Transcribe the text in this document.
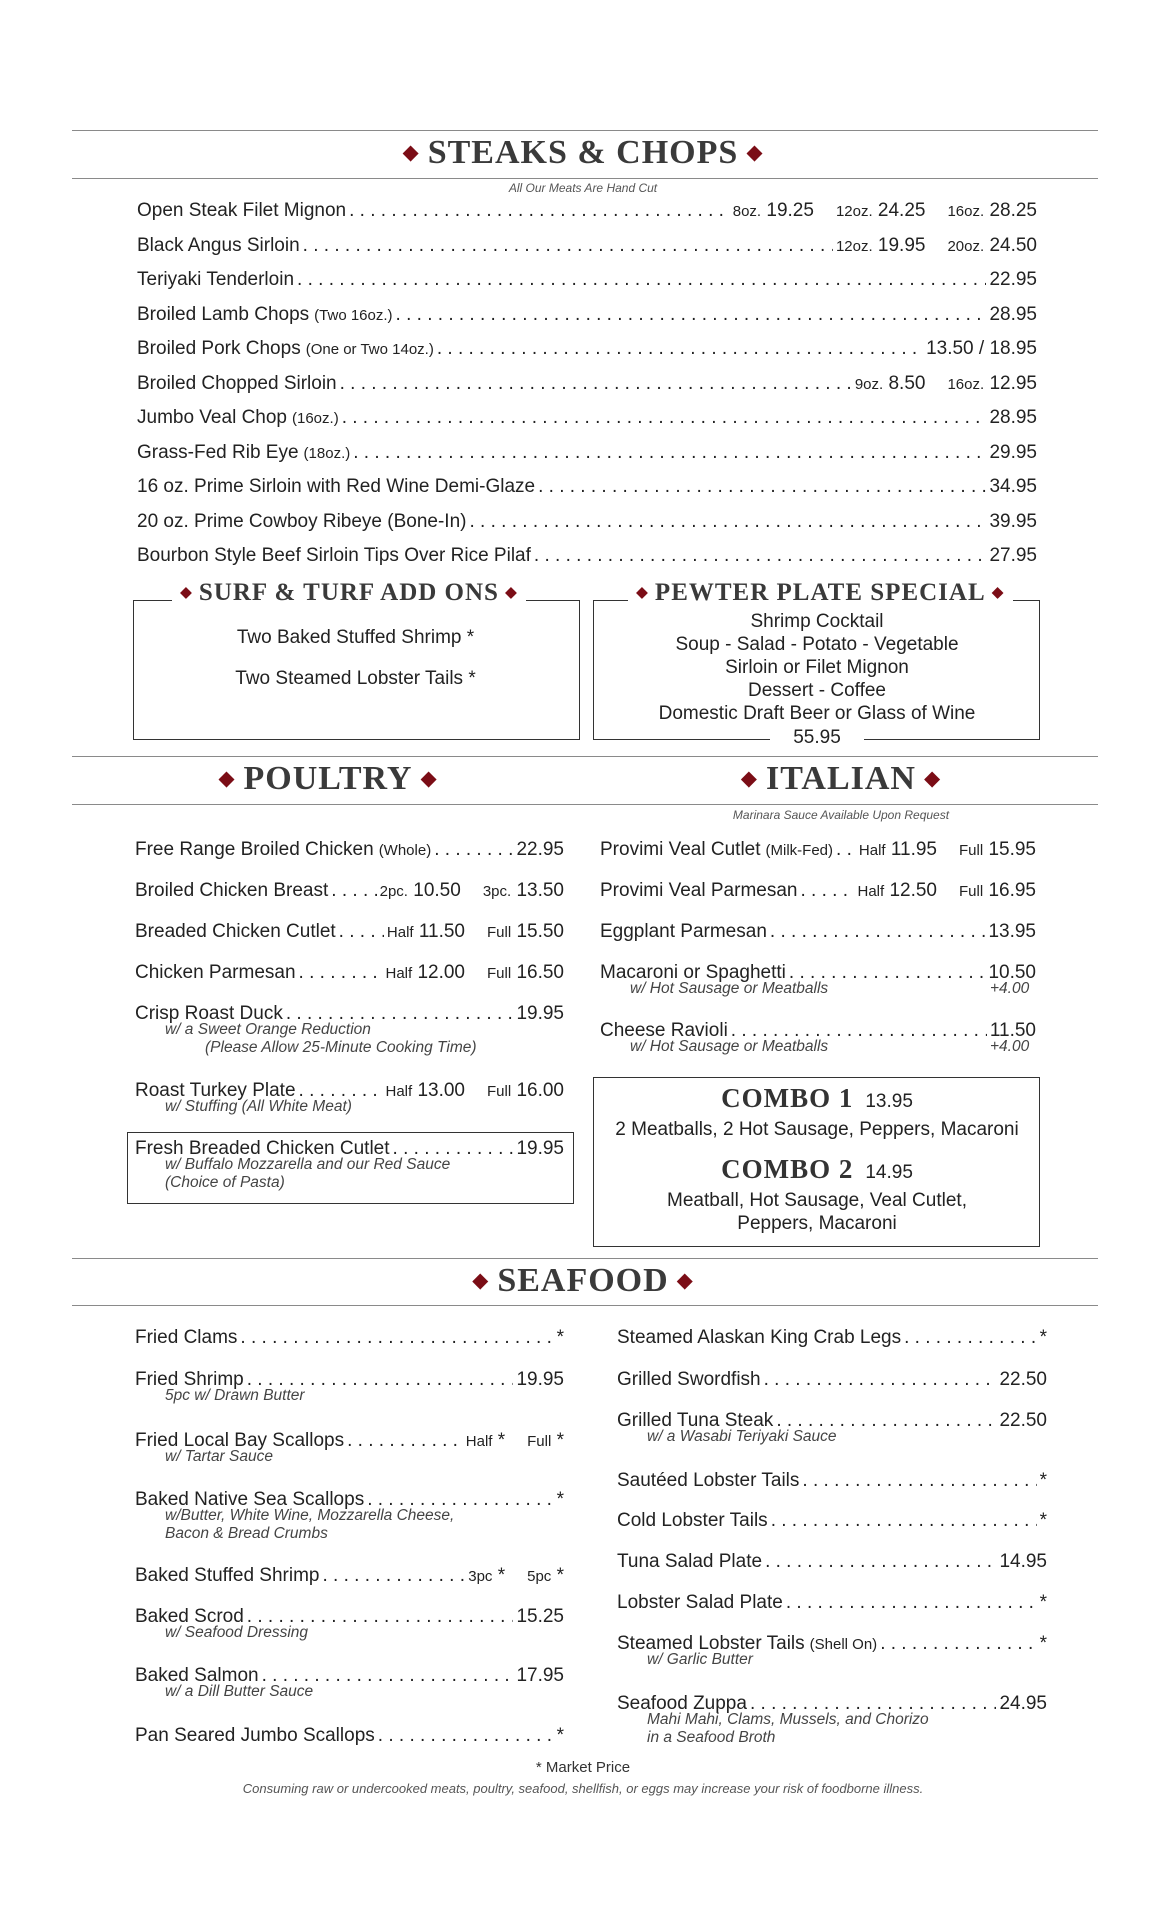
◆ STEAKS & CHOPS ◆
All Our Meats Are Hand Cut
Open Steak Filet Mignon . . .	8oz. 19.25 12oz. 24.25 16oz. 28.25
Black Angus Sirloin . . .	12oz. 19.95 20oz. 24.50
Teriyaki Tenderloin . . .	22.95
Broiled Lamb Chops (Two 16oz.) . . .	28.95
Broiled Pork Chops (One or Two 14oz.) . . .	13.50 / 18.95
Broiled Chopped Sirloin . . .	9oz. 8.50 16oz. 12.95
Jumbo Veal Chop (16oz.) . . .	28.95
Grass-Fed Rib Eye (18oz.) . . .	29.95
16 oz. Prime Sirloin with Red Wine Demi-Glaze . . .	34.95
20 oz. Prime Cowboy Ribeye (Bone-In) . . .	39.95
Bourbon Style Beef Sirloin Tips Over Rice Pilaf . . .	27.95
◆ SURF & TURF ADD ONS ◆
Two Baked Stuffed Shrimp *
Two Steamed Lobster Tails *
◆ PEWTER PLATE SPECIAL ◆
Shrimp Cocktail
Soup - Salad - Potato - Vegetable
Sirloin or Filet Mignon
Dessert - Coffee
Domestic Draft Beer or Glass of Wine
55.95
◆ POULTRY ◆	◆ ITALIAN ◆
Marinara Sauce Available Upon Request
Free Range Broiled Chicken (Whole) . . .	22.95
Broiled Chicken Breast . . .	2pc. 10.50 3pc. 13.50
Breaded Chicken Cutlet . . .	Half 11.50 Full 15.50
Chicken Parmesan . . .	Half 12.00 Full 16.50
Crisp Roast Duck . . .	19.95
w/ a Sweet Orange Reduction
(Please Allow 25-Minute Cooking Time)
Roast Turkey Plate . . .	Half 13.00 Full 16.00
w/ Stuffing (All White Meat)
Fresh Breaded Chicken Cutlet . . .	19.95
w/ Buffalo Mozzarella and our Red Sauce
(Choice of Pasta)
Provimi Veal Cutlet (Milk-Fed) . . . Half 11.95 Full 15.95
Provimi Veal Parmesan . . .	Half 12.50 Full 16.95
Eggplant Parmesan . . .	13.95
Macaroni or Spaghetti . . .	10.50
w/ Hot Sausage or Meatballs	+4.00
Cheese Ravioli . . .	11.50
w/ Hot Sausage or Meatballs	+4.00
COMBO 1 13.95
2 Meatballs, 2 Hot Sausage, Peppers, Macaroni
COMBO 2 14.95
Meatball, Hot Sausage, Veal Cutlet,
Peppers, Macaroni
◆ SEAFOOD ◆
Fried Clams . . .	*
Fried Shrimp . . .	19.95
5pc w/ Drawn Butter
Fried Local Bay Scallops . . .	Half * Full *
w/ Tartar Sauce
Baked Native Sea Scallops . . .	*
w/Butter, White Wine, Mozzarella Cheese,
Bacon & Bread Crumbs
Baked Stuffed Shrimp . . .	3pc * 5pc *
Baked Scrod . . .	15.25
w/ Seafood Dressing
Baked Salmon . . .	17.95
w/ a Dill Butter Sauce
Pan Seared Jumbo Scallops . . .	*
Steamed Alaskan King Crab Legs . . .	*
Grilled Swordfish . . .	22.50
Grilled Tuna Steak . . .	22.50
w/ a Wasabi Teriyaki Sauce
Sautéed Lobster Tails . . .	*
Cold Lobster Tails . . .	*
Tuna Salad Plate . . .	14.95
Lobster Salad Plate . . .	*
Steamed Lobster Tails (Shell On) . . .	*
w/ Garlic Butter
Seafood Zuppa . . .	24.95
Mahi Mahi, Clams, Mussels, and Chorizo
in a Seafood Broth
* Market Price
Consuming raw or undercooked meats, poultry, seafood, shellfish, or eggs may increase your risk of foodborne illness.
